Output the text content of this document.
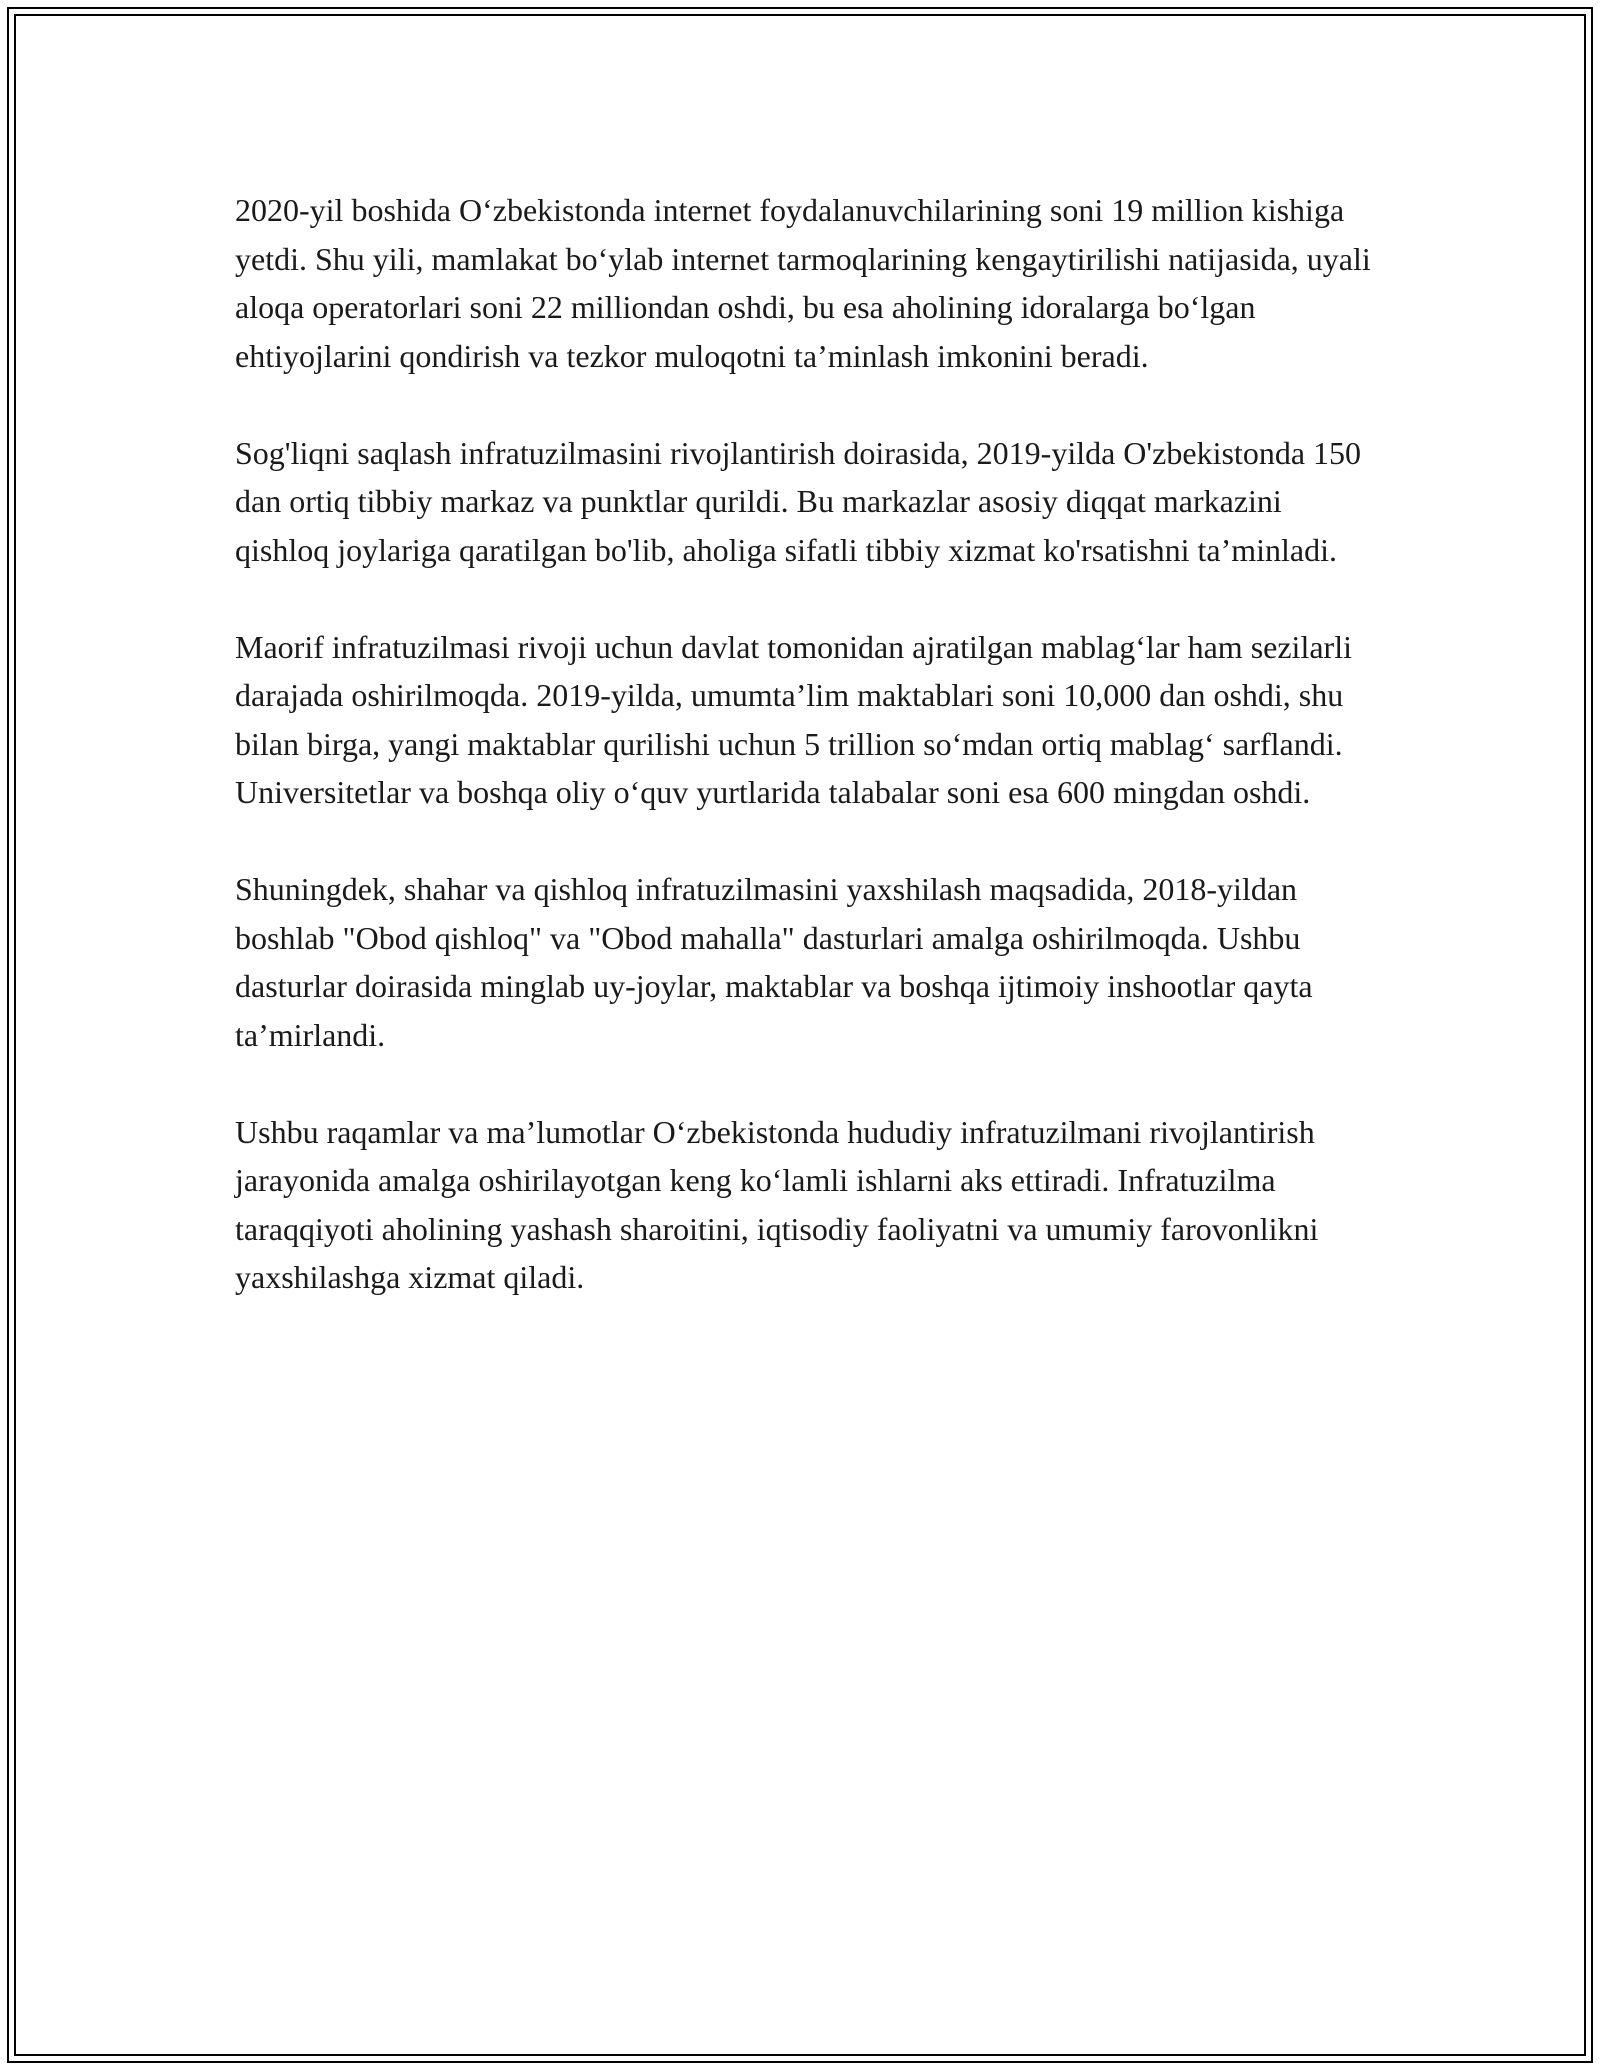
2020-yil boshida O‘zbekistonda internet foydalanuvchilarining soni 19 million kishiga yetdi. Shu yili, mamlakat bo‘ylab internet tarmoqlarining kengaytirilishi natijasida, uyali aloqa operatorlari soni 22 milliondan oshdi, bu esa aholining idoralarga bo‘lgan ehtiyojlarini qondirish va tezkor muloqotni ta’minlash imkonini beradi.

Sog'liqni saqlash infratuzilmasini rivojlantirish doirasida, 2019-yilda O'zbekistonda 150 dan ortiq tibbiy markaz va punktlar qurildi. Bu markazlar asosiy diqqat markazini qishloq joylariga qaratilgan bo'lib, aholiga sifatli tibbiy xizmat ko'rsatishni ta’minladi.

Maorif infratuzilmasi rivoji uchun davlat tomonidan ajratilgan mablag‘lar ham sezilarli darajada oshirilmoqda. 2019-yilda, umumta’lim maktablari soni 10,000 dan oshdi, shu bilan birga, yangi maktablar qurilishi uchun 5 trillion so‘mdan ortiq mablag‘ sarflandi. Universitetlar va boshqa oliy o‘quv yurtlarida talabalar soni esa 600 mingdan oshdi.

Shuningdek, shahar va qishloq infratuzilmasini yaxshilash maqsadida, 2018-yildan boshlab "Obod qishloq" va "Obod mahalla" dasturlari amalga oshirilmoqda. Ushbu dasturlar doirasida minglab uy-joylar, maktablar va boshqa ijtimoiy inshootlar qayta ta’mirlandi.

Ushbu raqamlar va ma’lumotlar O‘zbekistonda hududiy infratuzilmani rivojlantirish jarayonida amalga oshirilayotgan keng ko‘lamli ishlarni aks ettiradi. Infratuzilma taraqqiyoti aholining yashash sharoitini, iqtisodiy faoliyatni va umumiy farovonlikni yaxshilashga xizmat qiladi.
